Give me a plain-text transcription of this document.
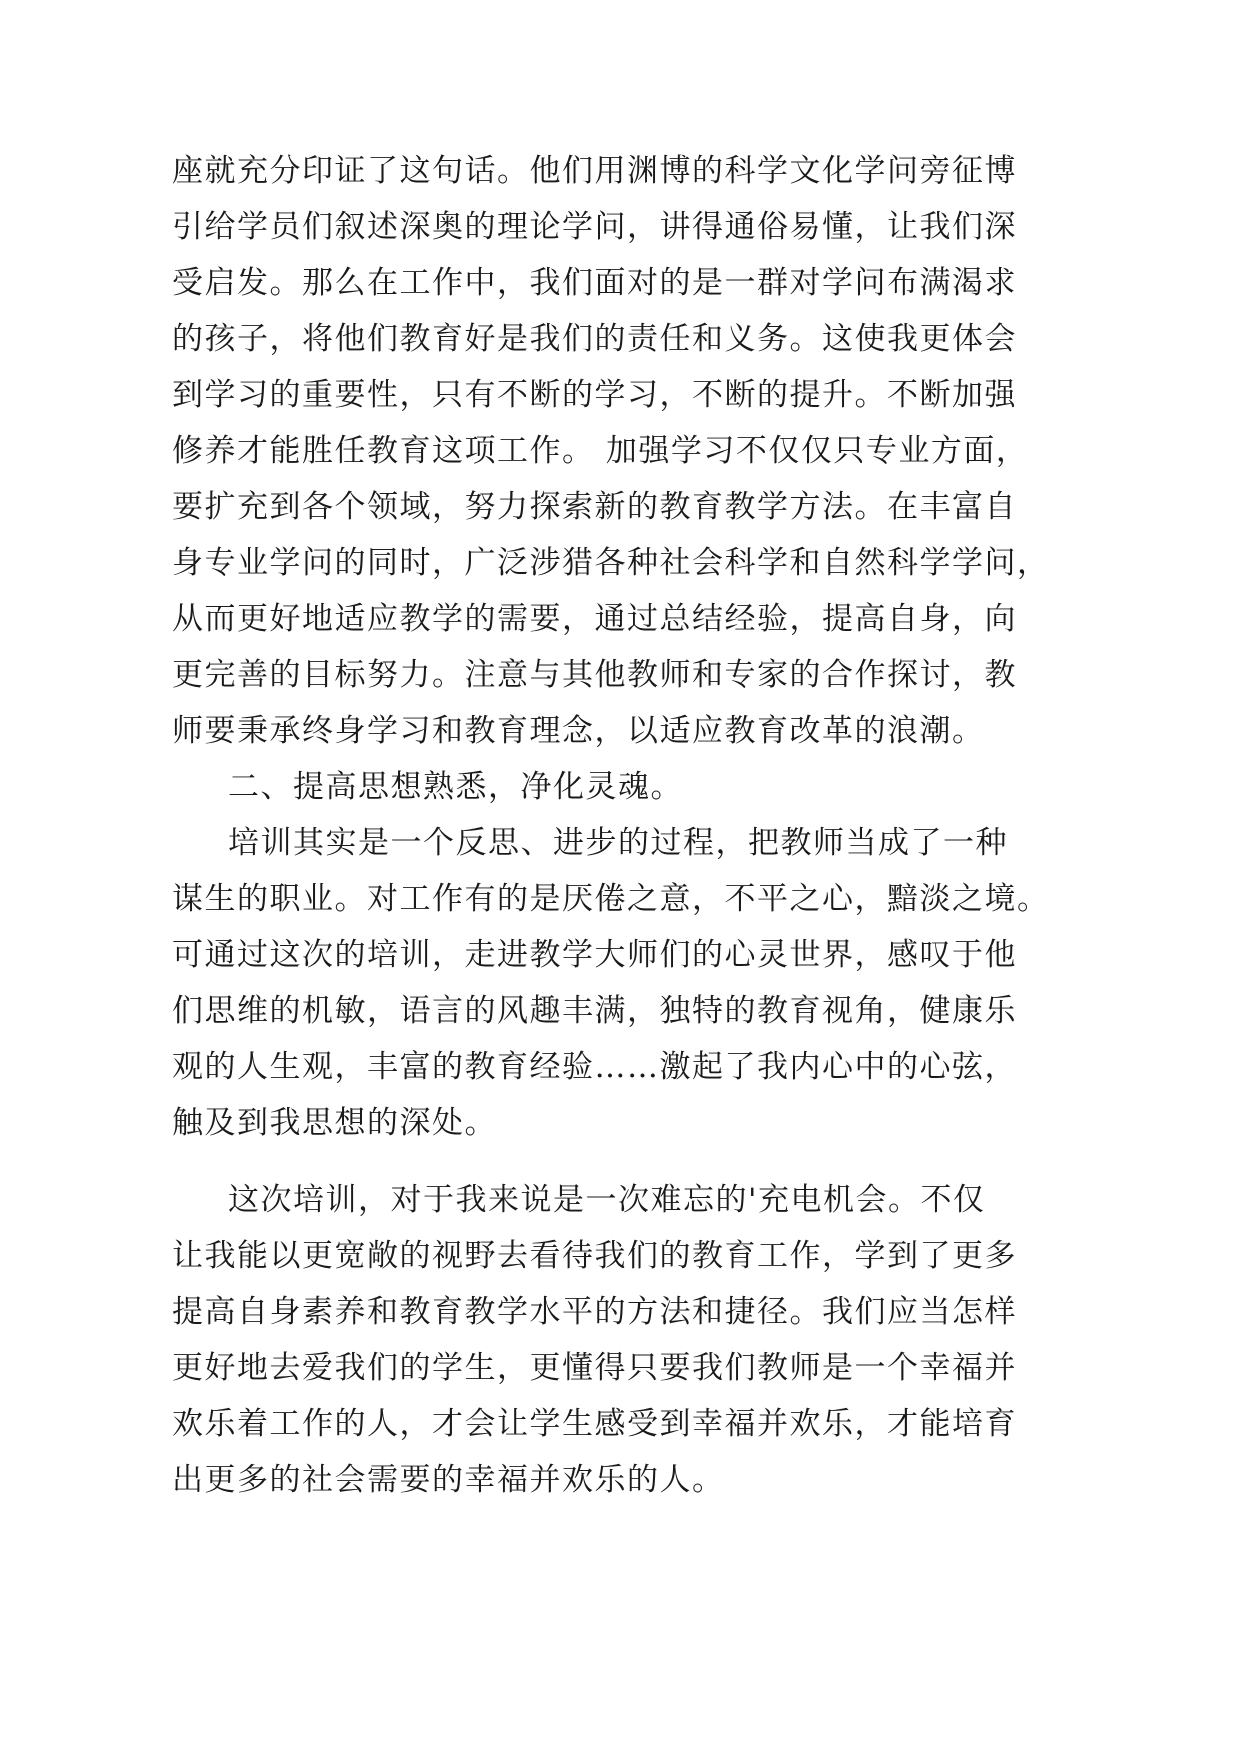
座就充分印证了这句话。他们用渊博的科学文化学问旁征博
引给学员们叙述深奥的理论学问，讲得通俗易懂，让我们深
受启发。那么在工作中，我们面对的是一群对学问布满渴求
的孩子，将他们教育好是我们的责任和义务。这使我更体会
到学习的重要性，只有不断的学习，不断的提升。不断加强
修养才能胜任教育这项工作。 加强学习不仅仅只专业方面，
要扩充到各个领域，努力探索新的教育教学方法。在丰富自
身专业学问的同时，广泛涉猎各种社会科学和自然科学学问，
从而更好地适应教学的需要，通过总结经验，提高自身，向
更完善的目标努力。注意与其他教师和专家的合作探讨，教
师要秉承终身学习和教育理念，以适应教育改革的浪潮。
二、提高思想熟悉，净化灵魂。
培训其实是一个反思、进步的过程，把教师当成了一种
谋生的职业。对工作有的是厌倦之意，不平之心，黯淡之境。
可通过这次的培训，走进教学大师们的心灵世界，感叹于他
们思维的机敏，语言的风趣丰满，独特的教育视角，健康乐
观的人生观，丰富的教育经验……激起了我内心中的心弦，
触及到我思想的深处。
这次培训，对于我来说是一次难忘的'充电机会。不仅
让我能以更宽敞的视野去看待我们的教育工作，学到了更多
提高自身素养和教育教学水平的方法和捷径。我们应当怎样
更好地去爱我们的学生，更懂得只要我们教师是一个幸福并
欢乐着工作的人，才会让学生感受到幸福并欢乐，才能培育
出更多的社会需要的幸福并欢乐的人。
